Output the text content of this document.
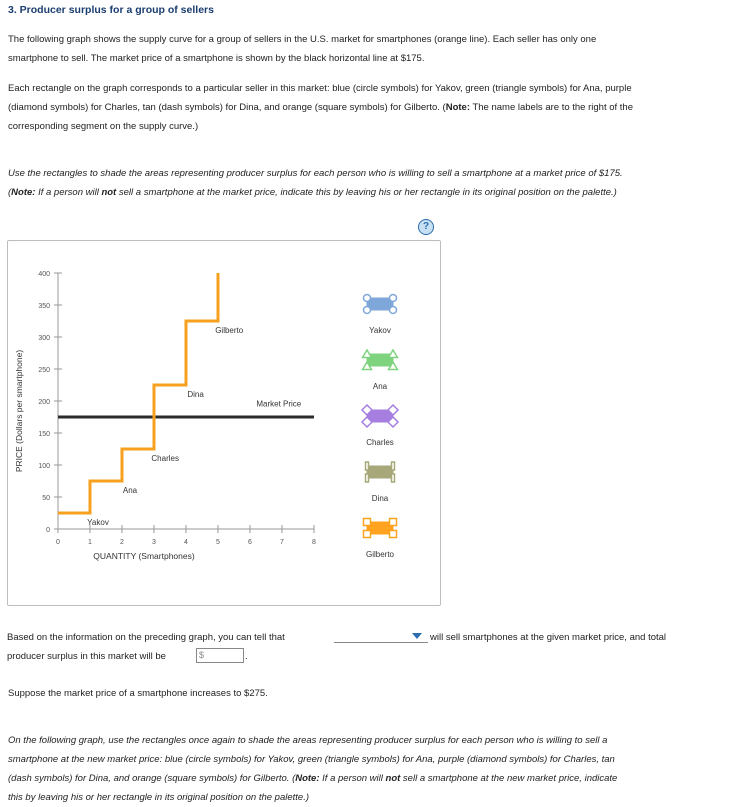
3. Producer surplus for a group of sellers
The following graph shows the supply curve for a group of sellers in the U.S. market for smartphones (orange line). Each seller has only one
smartphone to sell. The market price of a smartphone is shown by the black horizontal line at $175.
Each rectangle on the graph corresponds to a particular seller in this market: blue (circle symbols) for Yakov, green (triangle symbols) for Ana, purple
(diamond symbols) for Charles, tan (dash symbols) for Dina, and orange (square symbols) for Gilberto. (Note: The name labels are to the right of the
corresponding segment on the supply curve.)
Use the rectangles to shade the areas representing producer surplus for each person who is willing to sell a smartphone at a market price of $175.
(Note: If a person will not sell a smartphone at the market price, indicate this by leaving his or her rectangle in its original position on the palette.)
?
0
50
100
150
200
250
300
350
400
0	1	2	3	4	5	6	7	8
QUANTITY (Smartphones)
PRICE (Dollars per smartphone)
Yakov
Ana
Charles
Dina
Gilberto
Market Price
Yakov
Ana
Charles
Dina
Gilberto
Based on the information on the preceding graph, you can tell that	will sell smartphones at the given market price, and total
producer surplus in this market will be	$	.
Suppose the market price of a smartphone increases to $275.
On the following graph, use the rectangles once again to shade the areas representing producer surplus for each person who is willing to sell a
smartphone at the new market price: blue (circle symbols) for Yakov, green (triangle symbols) for Ana, purple (diamond symbols) for Charles, tan
(dash symbols) for Dina, and orange (square symbols) for Gilberto. (Note: If a person will not sell a smartphone at the new market price, indicate
this by leaving his or her rectangle in its original position on the palette.)
